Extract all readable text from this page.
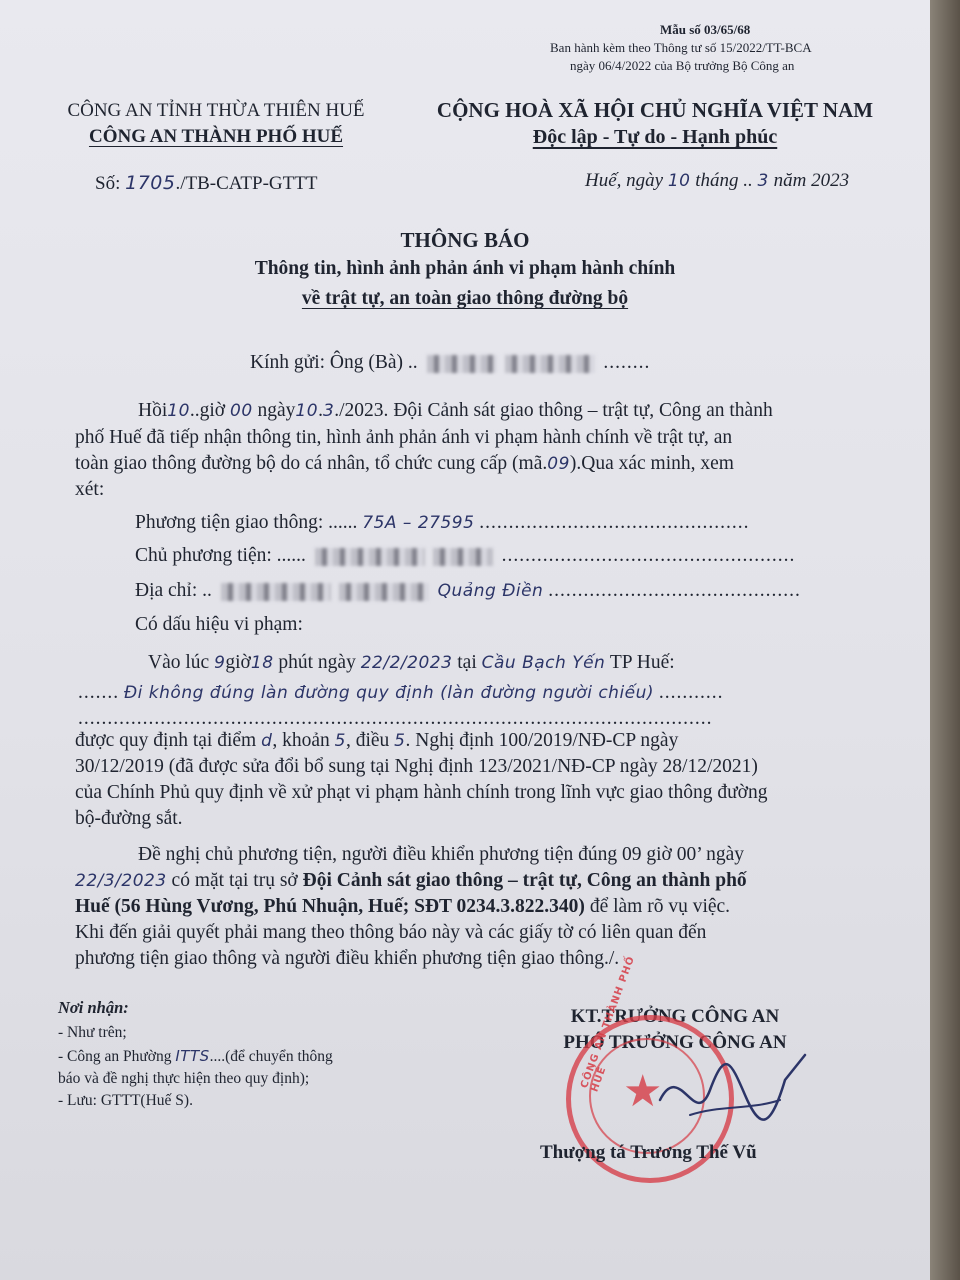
Mẫu số 03/65/68
Ban hành kèm theo Thông tư số 15/2022/TT-BCA
ngày 06/4/2022 của Bộ trưởng Bộ Công an
CÔNG AN TỈNH THỪA THIÊN HUẾ
CÔNG AN THÀNH PHỐ HUẾ
CỘNG HOÀ XÃ HỘI CHỦ NGHĨA VIỆT NAM
Độc lập - Tự do - Hạnh phúc
Số: 1705./TB-CATP-GTTT	Huế, ngày 10 tháng .. 3 năm 2023
THÔNG BÁO
Thông tin, hình ảnh phản ánh vi phạm hành chính
về trật tự, an toàn giao thông đường bộ
Kính gửi: Ông (Bà) ..	........
Hồi10..giờ 00 ngày10.3./2023. Đội Cảnh sát giao thông – trật tự, Công an thành
phố Huế đã tiếp nhận thông tin, hình ảnh phản ánh vi phạm hành chính về trật tự, an
toàn giao thông đường bộ do cá nhân, tổ chức cung cấp (mã.09).Qua xác minh, xem
xét:
Phương tiện giao thông: ...... 75A – 27595 ..............................................
Chủ phương tiện: ......	..................................................
Địa chỉ: ..	Quảng Điền ...........................................
Có dấu hiệu vi phạm:
Vào lúc 9giờ18 phút ngày 22/2/2023 tại Cầu Bạch Yến TP Huế:
....... Đi không đúng làn đường quy định (làn đường người chiếu) ...........
............................................................................................................
được quy định tại điểm d, khoản 5, điều 5. Nghị định 100/2019/NĐ-CP ngày
30/12/2019 (đã được sửa đổi bổ sung tại Nghị định 123/2021/NĐ-CP ngày 28/12/2021)
của Chính Phủ quy định về xử phạt vi phạm hành chính trong lĩnh vực giao thông đường
bộ-đường sắt.
Đề nghị chủ phương tiện, người điều khiển phương tiện đúng 09 giờ 00’ ngày
22/3/2023 có mặt tại trụ sở Đội Cảnh sát giao thông – trật tự, Công an thành phố
Huế (56 Hùng Vương, Phú Nhuận, Huế; SĐT 0234.3.822.340) để làm rõ vụ việc.
Khi đến giải quyết phải mang theo thông báo này và các giấy tờ có liên quan đến
phương tiện giao thông và người điều khiển phương tiện giao thông./.
Nơi nhận:
- Như trên;
- Công an Phường ITTS....(để chuyển thông
báo và đề nghị thực hiện theo quy định);
- Lưu: GTTT(Huế S).
KT.TRƯỞNG CÔNG AN
PHÓ TRƯỞNG CÔNG AN
★
CÔNG AN THÀNH PHỐ HUẾ
Thượng tá Trương Thế Vũ
